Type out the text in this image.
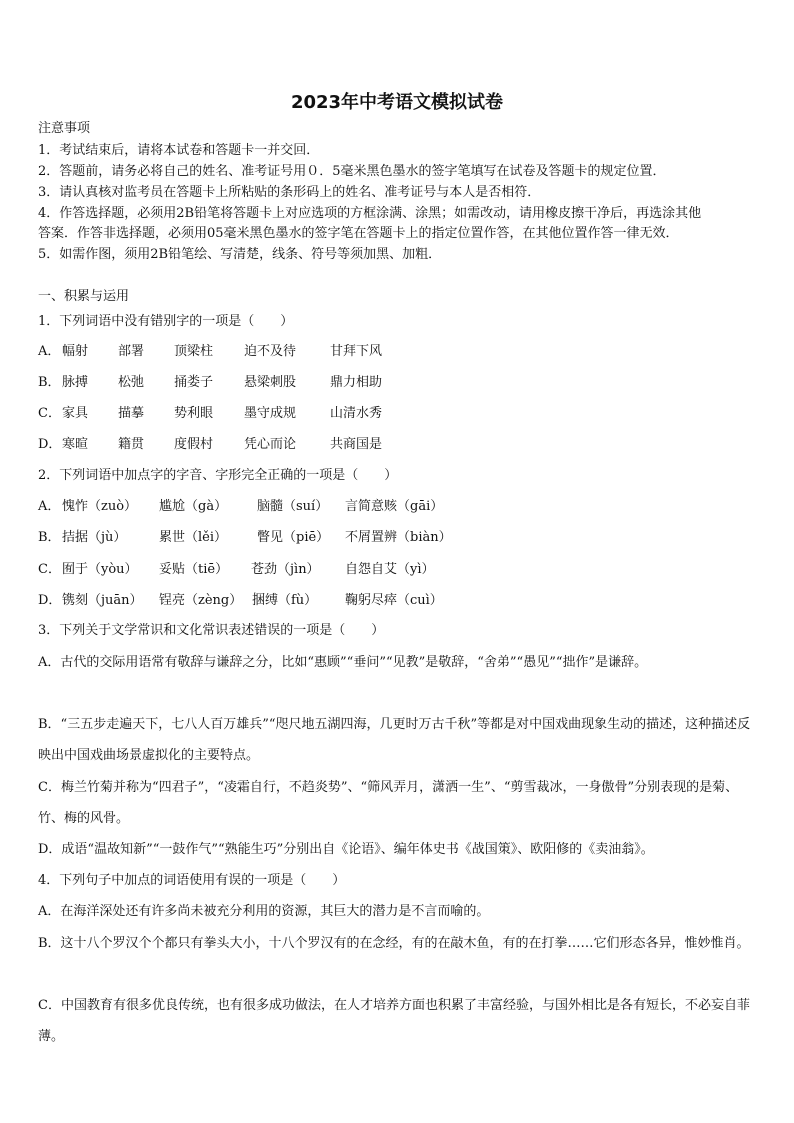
2023年中考语文模拟试卷
注意事项
1．考试结束后，请将本试卷和答题卡一并交回．
2．答题前，请务必将自己的姓名、准考证号用０．5毫米黑色墨水的签字笔填写在试卷及答题卡的规定位置．
3．请认真核对监考员在答题卡上所粘贴的条形码上的姓名、准考证号与本人是否相符．
4．作答选择题，必须用2B铅笔将答题卡上对应选项的方框涂满、涂黑；如需改动，请用橡皮擦干净后，再选涂其他
答案．作答非选择题，必须用05毫米黑色墨水的签字笔在答题卡上的指定位置作答，在其他位置作答一律无效．
5．如需作图，须用2B铅笔绘、写清楚，线条、符号等须加黑、加粗．
一、积累与运用
1．下列词语中没有错别字的一项是（　　）
A． 幅射 部署 顶梁柱 迫不及待	甘拜下风
B．脉搏 松弛 捅娄子 悬梁刺股	鼎力相助
C．家具 描摹 势利眼 墨守成规	山清水秀
D．寒暄 籍贯 度假村 凭心而论	共商国是
2．下列词语中加点字的字音、字形完全正确的一项是（　　）
A． 愧怍（zuò） 尴尬（gà） 脑髓（suí） 言简意赅（gāi）
B．拮据（jù）	累世（lěi） 瞥见（piē） 不屑置辨（biàn）
C．囿于（yòu） 妥贴（tiē） 苍劲（jìn） 自怨自艾（yì）
D．镌刻（juān） 锃亮（zèng） 捆缚（fù） 鞠躬尽瘁（cuì）
3．下列关于文学常识和文化常识表述错误的一项是（　　）
A．古代的交际用语常有敬辞与谦辞之分，比如“惠顾”“垂问”“见教”是敬辞，“舍弟”“愚见”“拙作”是谦辞。
B．“三五步走遍天下，七八人百万雄兵”“咫尺地五湖四海，几更时万古千秋”等都是对中国戏曲现象生动的描述，这种描述反映出中国戏曲场景虚拟化的主要特点。
C．梅兰竹菊并称为“四君子”，“凌霜自行，不趋炎势”、“筛风弄月，潇洒一生”、“剪雪裁冰，一身傲骨”分别表现的是菊、竹、梅的风骨。
D．成语“温故知新”“一鼓作气”“熟能生巧”分别出自《论语》、编年体史书《战国策》、欧阳修的《卖油翁》。
4．下列句子中加点的词语使用有误的一项是（　　）
A．在海洋深处还有许多尚未被充分利用的资源，其巨大的潜力是不言而喻的。
B．这十八个罗汉个个都只有拳头大小，十八个罗汉有的在念经，有的在敲木鱼，有的在打拳……它们形态各异，惟妙惟肖。
C．中国教育有很多优良传统，也有很多成功做法，在人才培养方面也积累了丰富经验，与国外相比是各有短长，不必妄自菲薄。
